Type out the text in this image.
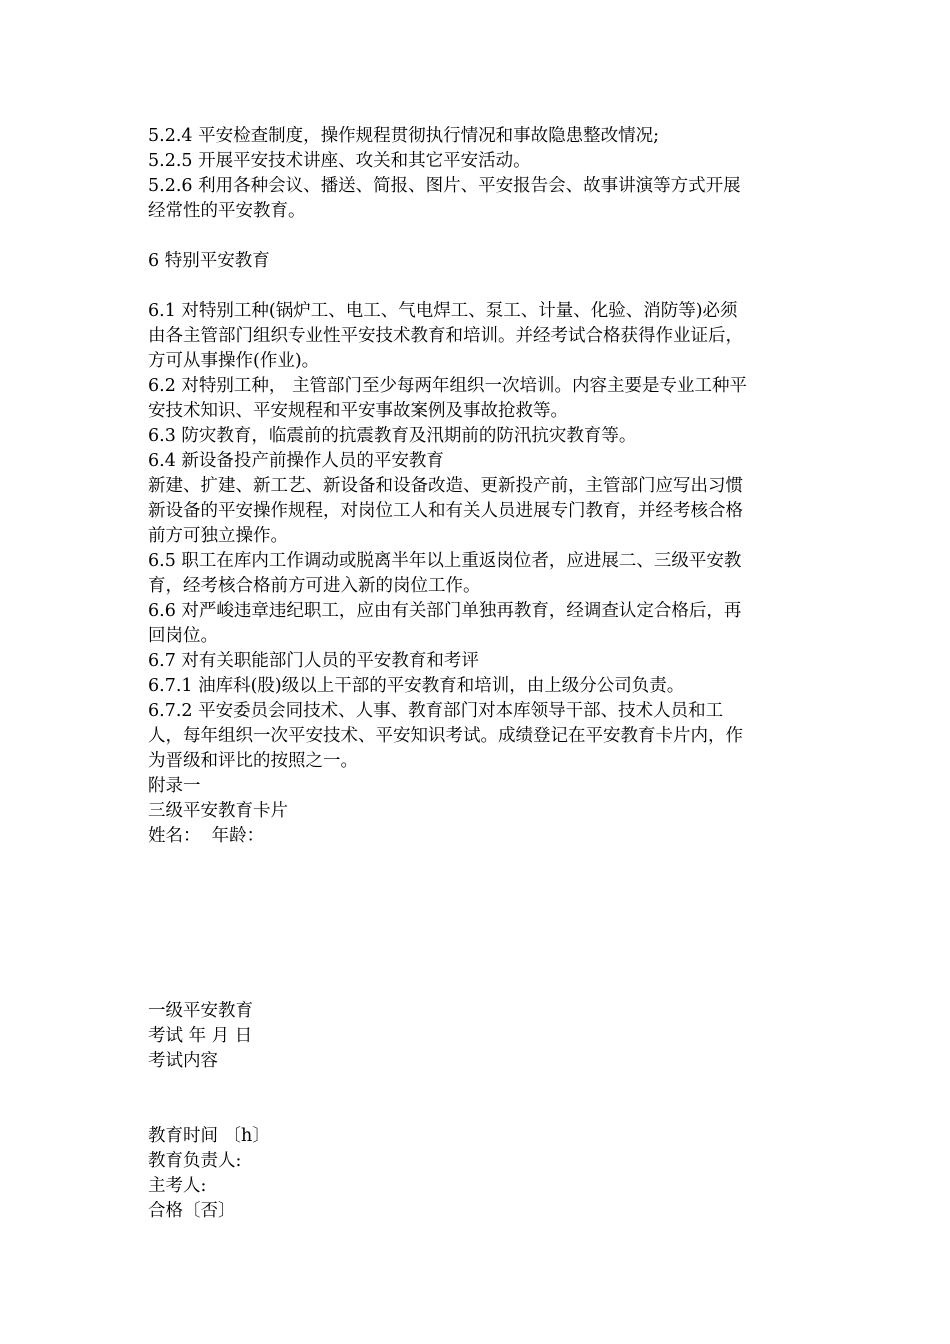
5.2.4 平安检查制度，操作规程贯彻执行情况和事故隐患整改情况;

5.2.5 开展平安技术讲座、攻关和其它平安活动。

5.2.6 利用各种会议、播送、简报、图片、平安报告会、故事讲演等方式开展

经常性的平安教育。

6 特别平安教育

6.1 对特别工种(锅炉工、电工、气电焊工、泵工、计量、化验、消防等)必须

由各主管部门组织专业性平安技术教育和培训。并经考试合格获得作业证后，

方可从事操作(作业)。

6.2 对特别工种， 主管部门至少每两年组织一次培训。内容主要是专业工种平

安技术知识、平安规程和平安事故案例及事故抢救等。

6.3 防灾教育，临震前的抗震教育及汛期前的防汛抗灾教育等。

6.4 新设备投产前操作人员的平安教育

新建、扩建、新工艺、新设备和设备改造、更新投产前，主管部门应写出习惯

新设备的平安操作规程，对岗位工人和有关人员进展专门教育，并经考核合格

前方可独立操作。

6.5 职工在库内工作调动或脱离半年以上重返岗位者，应进展二、三级平安教

育，经考核合格前方可进入新的岗位工作。

6.6 对严峻违章违纪职工，应由有关部门单独再教育，经调查认定合格后，再

回岗位。

6.7 对有关职能部门人员的平安教育和考评

6.7.1 油库科(股)级以上干部的平安教育和培训，由上级分公司负责。

6.7.2 平安委员会同技术、人事、教育部门对本库领导干部、技术人员和工

人，每年组织一次平安技术、平安知识考试。成绩登记在平安教育卡片内，作

为晋级和评比的按照之一。

附录一

三级平安教育卡片

姓名：  年龄：

一级平安教育

考试 年 月 日

考试内容

教育时间 〔h〕

教育负责人:

主考人:

合格〔否〕
